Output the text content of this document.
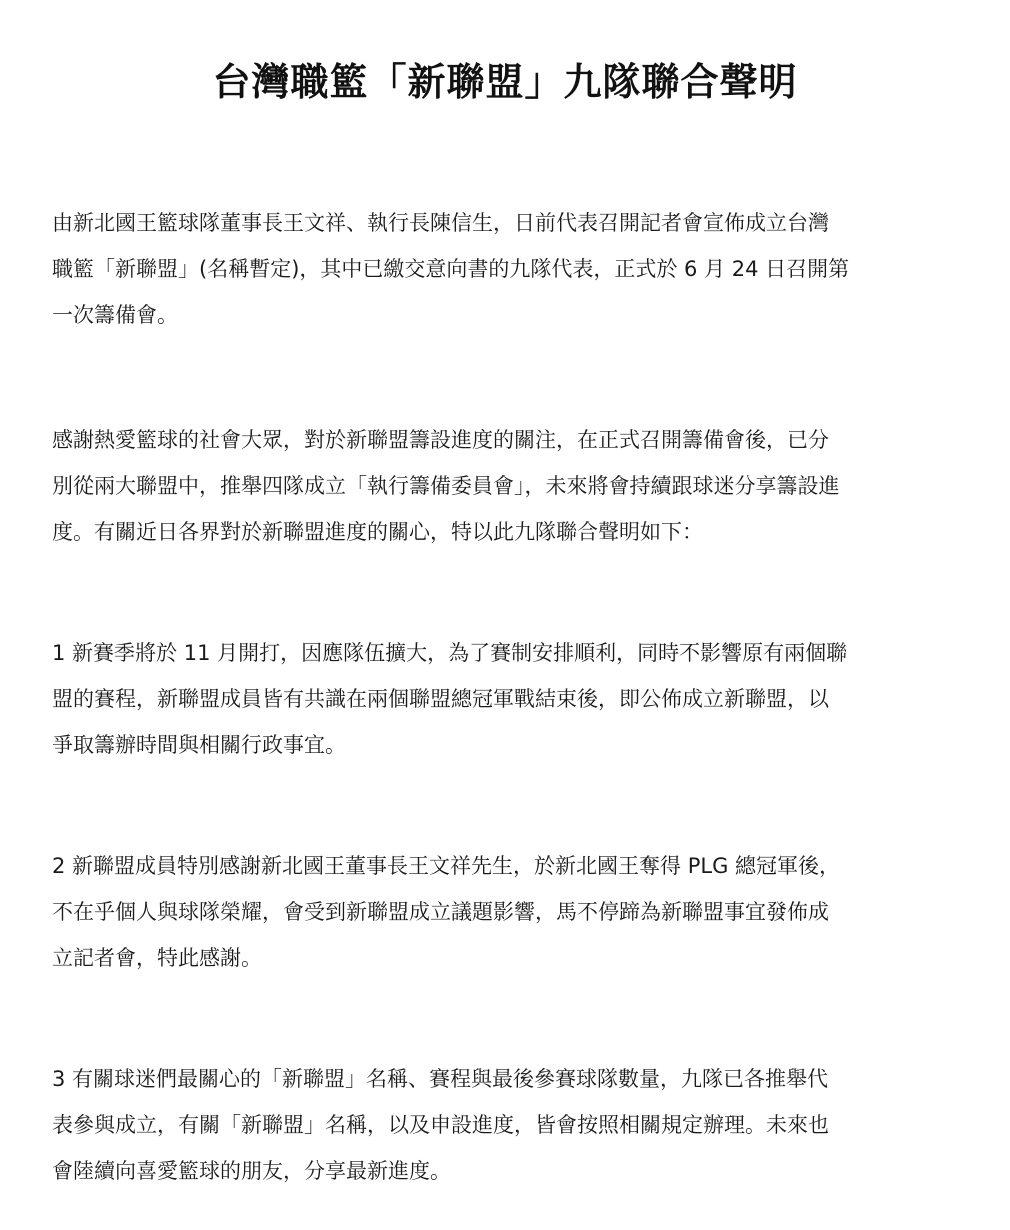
台灣職籃「新聯盟」九隊聯合聲明
由新北國王籃球隊董事長王文祥、執行長陳信生，日前代表召開記者會宣佈成立台灣
職籃「新聯盟」(名稱暫定)，其中已繳交意向書的九隊代表，正式於 6 月 24 日召開第
一次籌備會。
感謝熱愛籃球的社會大眾，對於新聯盟籌設進度的關注，在正式召開籌備會後，已分
別從兩大聯盟中，推舉四隊成立「執行籌備委員會」，未來將會持續跟球迷分享籌設進
度。有關近日各界對於新聯盟進度的關心，特以此九隊聯合聲明如下：
1 新賽季將於 11 月開打，因應隊伍擴大，為了賽制安排順利，同時不影響原有兩個聯
盟的賽程，新聯盟成員皆有共識在兩個聯盟總冠軍戰結束後，即公佈成立新聯盟，以
爭取籌辦時間與相關行政事宜。
2 新聯盟成員特別感謝新北國王董事長王文祥先生，於新北國王奪得 PLG 總冠軍後，
不在乎個人與球隊榮耀，會受到新聯盟成立議題影響，馬不停蹄為新聯盟事宜發佈成
立記者會，特此感謝。
3 有關球迷們最關心的「新聯盟」名稱、賽程與最後參賽球隊數量，九隊已各推舉代
表參與成立，有關「新聯盟」名稱，以及申設進度，皆會按照相關規定辦理。未來也
會陸續向喜愛籃球的朋友，分享最新進度。
